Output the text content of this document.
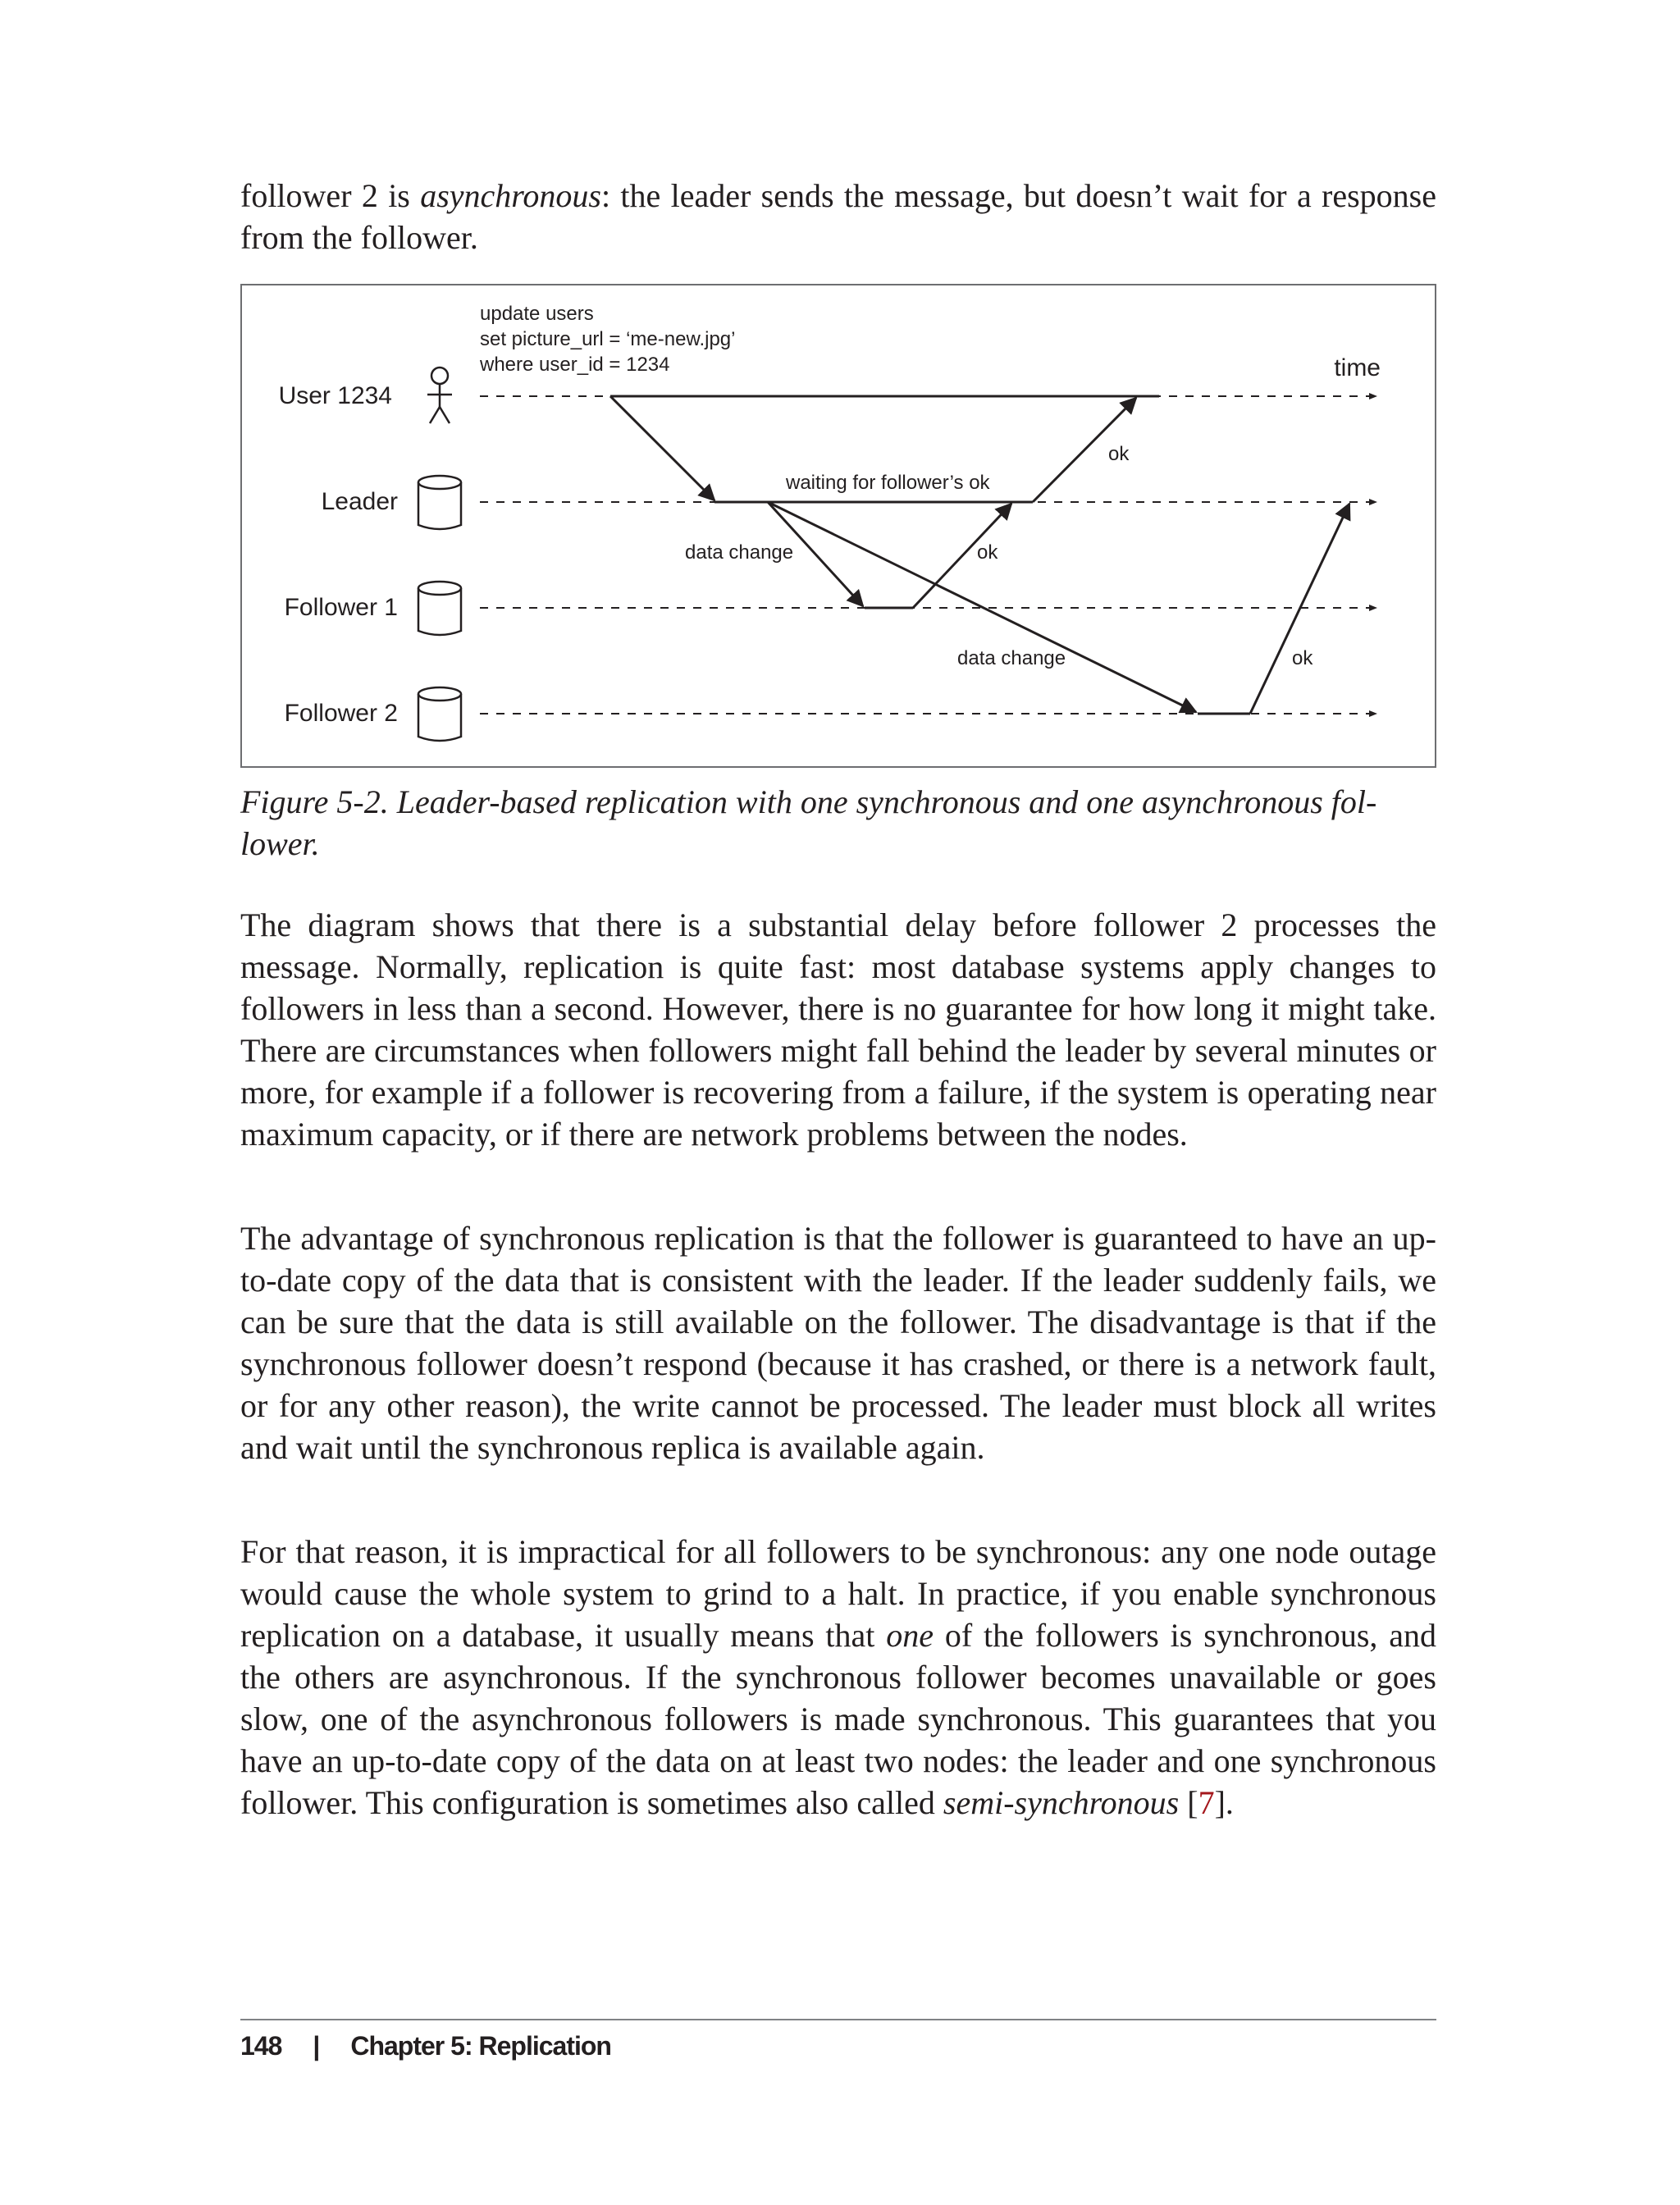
follower 2 is asynchronous: the leader sends the message, but doesn’t wait for a response from the follower.

update users
set picture_url = ‘me-new.jpg’
where user_id = 1234	time
User 1234
Leader
Follower 1
Follower 2
waiting for follower’s ok
data change
ok
ok
data change	ok
Figure 5-2. Leader-based replication with one synchronous and one asynchronous follower.

The diagram shows that there is a substantial delay before follower 2 processes the message. Normally, replication is quite fast: most database systems apply changes to followers in less than a second. However, there is no guarantee for how long it might take. There are circumstances when followers might fall behind the leader by several minutes or more, for example if a follower is recovering from a failure, if the system is operating near maximum capacity, or if there are network problems between the nodes.

The advantage of synchronous replication is that the follower is guaranteed to have an up-to-date copy of the data that is consistent with the leader. If the leader suddenly fails, we can be sure that the data is still available on the follower. The disadvantage is that if the synchronous follower doesn’t respond (because it has crashed, or there is a network fault, or for any other reason), the write cannot be processed. The leader must block all writes and wait until the synchronous replica is available again.

For that reason, it is impractical for all followers to be synchronous: any one node outage would cause the whole system to grind to a halt. In practice, if you enable synchronous replication on a database, it usually means that one of the followers is synchronous, and the others are asynchronous. If the synchronous follower becomes unavailable or goes slow, one of the asynchronous followers is made synchronous. This guarantees that you have an up-to-date copy of the data on at least two nodes: the leader and one synchronous follower. This configuration is sometimes also called semi-synchronous [7].

148 | Chapter 5: Replication
